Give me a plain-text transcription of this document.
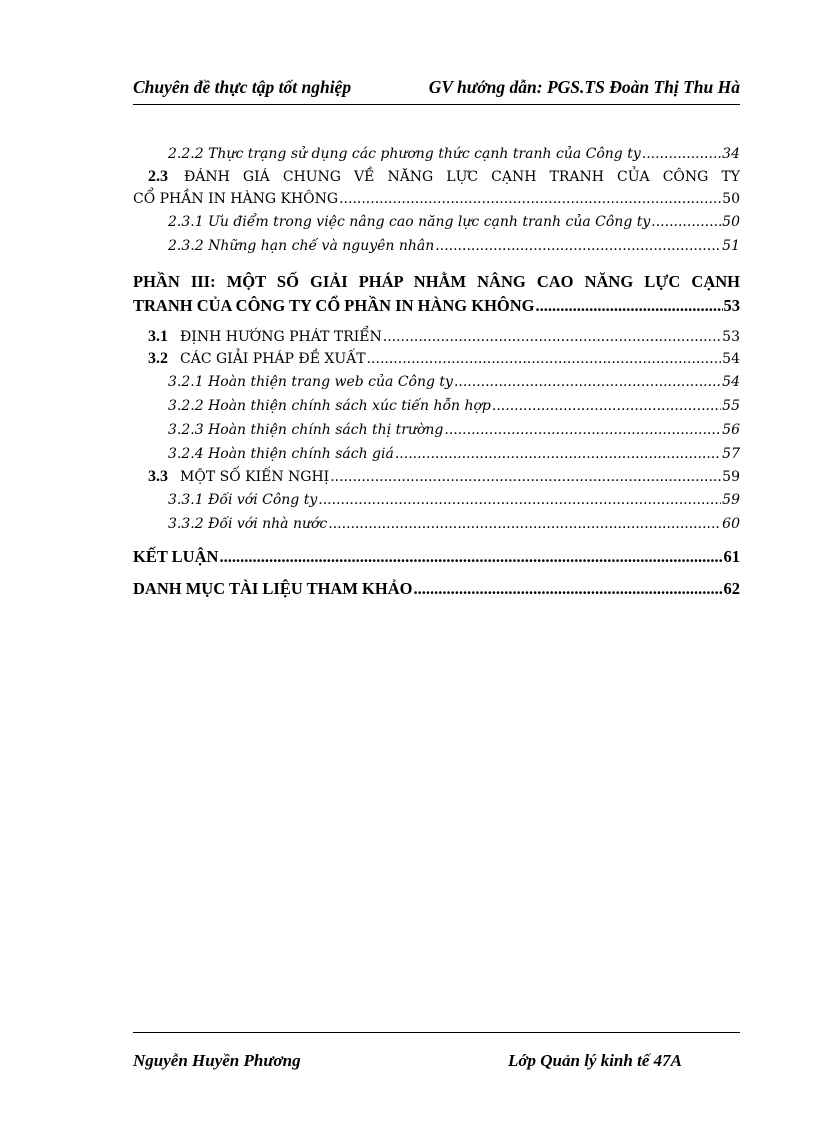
Chuyên đề thực tập tốt nghiệp	GV hướng dẫn: PGS.TS Đoàn Thị Thu Hà
2.2.2 Thực trạng sử dụng các phương thức cạnh tranh của Công ty .....	34
2.3 ĐÁNH GIÁ CHUNG VỀ NĂNG LỰC CẠNH TRANH CỦA CÔNG TY
CỔ PHẦN IN HÀNG KHÔNG .....	50
2.3.1 Ưu điểm trong việc nâng cao năng lực cạnh tranh của Công ty .....	50
2.3.2 Những hạn chế và nguyên nhân .....	51
PHẦN III: MỘT SỐ GIẢI PHÁP NHẰM NÂNG CAO NĂNG LỰC CẠNH
TRANH CỦA CÔNG TY CỔ PHẦN IN HÀNG KHÔNG .....	53
3.1 ĐỊNH HƯỚNG PHÁT TRIỂN .....	53
3.2 CÁC GIẢI PHÁP ĐỀ XUẤT .....	54
3.2.1 Hoàn thiện trang web của Công ty .....	54
3.2.2 Hoàn thiện chính sách xúc tiến hỗn hợp .....	55
3.2.3 Hoàn thiện chính sách thị trường .....	56
3.2.4 Hoàn thiện chính sách giá .....	57
3.3 MỘT SỐ KIẾN NGHỊ .....	59
3.3.1 Đối với Công ty .....	59
3.3.2 Đối với nhà nước .....	60
KẾT LUẬN .....	61
DANH MỤC TÀI LIỆU THAM KHẢO .....	62
Nguyễn Huyền Phương	Lớp Quản lý kinh tế 47A
